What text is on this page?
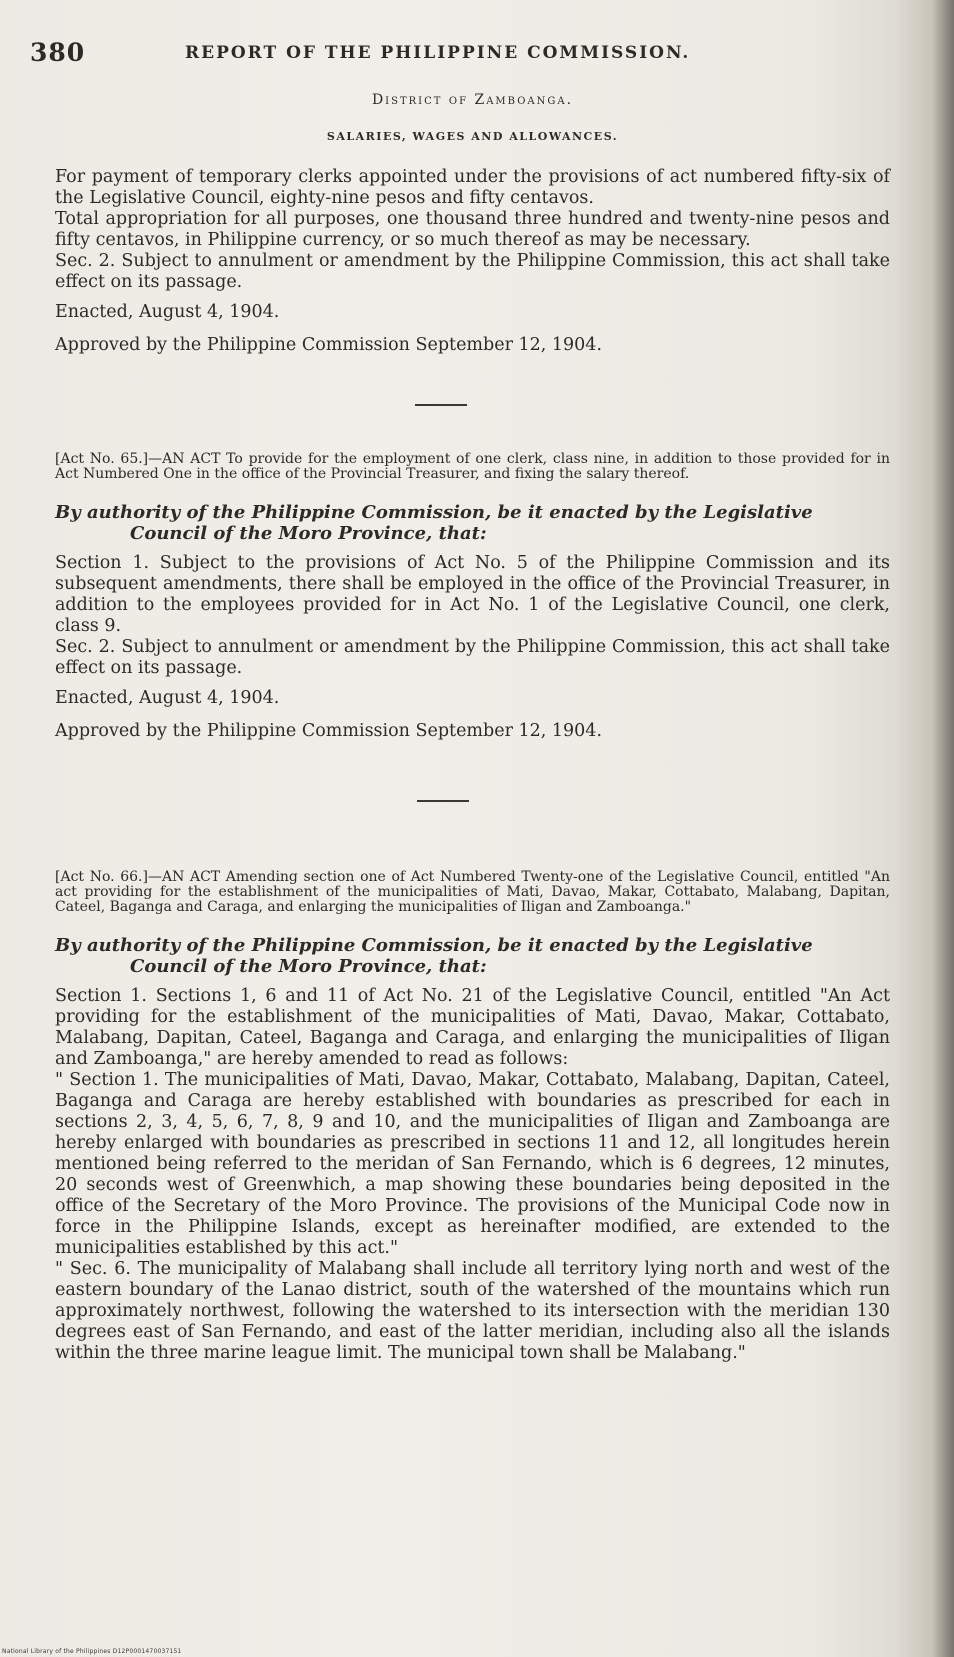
380	REPORT OF THE PHILIPPINE COMMISSION.
District of Zamboanga.
SALARIES, WAGES AND ALLOWANCES.

For payment of temporary clerks appointed under the provisions of act numbered fifty-six of the Legislative Council, eighty-nine pesos and fifty centavos.

Total appropriation for all purposes, one thousand three hundred and twenty-nine pesos and fifty centavos, in Philippine currency, or so much thereof as may be necessary.

Sec. 2. Subject to annulment or amendment by the Philippine Commission, this act shall take effect on its passage.

Enacted, August 4, 1904.

Approved by the Philippine Commission September 12, 1904.

[Act No. 65.]—AN ACT To provide for the employment of one clerk, class nine, in addition to those provided for in Act Numbered One in the office of the Provincial Treasurer, and fixing the salary thereof.
By authority of the Philippine Commission, be it enacted by the Legislative
Council of the Moro Province, that:

Section 1. Subject to the provisions of Act No. 5 of the Philippine Commission and its subsequent amendments, there shall be employed in the office of the Provincial Treasurer, in addition to the employees provided for in Act No. 1 of the Legislative Council, one clerk, class 9.

Sec. 2. Subject to annulment or amendment by the Philippine Commission, this act shall take effect on its passage.

Enacted, August 4, 1904.

Approved by the Philippine Commission September 12, 1904.

[Act No. 66.]—AN ACT Amending section one of Act Numbered Twenty-one of the Legislative Council, entitled "An act providing for the establishment of the municipalities of Mati, Davao, Makar, Cottabato, Malabang, Dapitan, Cateel, Baganga and Caraga, and enlarging the municipalities of Iligan and Zamboanga."
By authority of the Philippine Commission, be it enacted by the Legislative
Council of the Moro Province, that:

Section 1. Sections 1, 6 and 11 of Act No. 21 of the Legislative Council, entitled "An Act providing for the establishment of the municipalities of Mati, Davao, Makar, Cottabato, Malabang, Dapitan, Cateel, Baganga and Caraga, and enlarging the municipalities of Iligan and Zamboanga," are hereby amended to read as follows:

" Section 1. The municipalities of Mati, Davao, Makar, Cottabato, Malabang, Dapitan, Cateel, Baganga and Caraga are hereby established with boundaries as prescribed for each in sections 2, 3, 4, 5, 6, 7, 8, 9 and 10, and the municipalities of Iligan and Zamboanga are hereby enlarged with boundaries as prescribed in sections 11 and 12, all longitudes herein mentioned being referred to the meridan of San Fernando, which is 6 degrees, 12 minutes, 20 seconds west of Greenwhich, a map showing these boundaries being deposited in the office of the Secretary of the Moro Province. The provisions of the Municipal Code now in force in the Philippine Islands, except as hereinafter modified, are extended to the municipalities established by this act."

" Sec. 6. The municipality of Malabang shall include all territory lying north and west of the eastern boundary of the Lanao district, south of the watershed of the mountains which run approximately northwest, following the watershed to its intersection with the meridian 130 degrees east of San Fernando, and east of the latter meridian, including also all the islands within the three marine league limit. The municipal town shall be Malabang."

National Library of the Philippines D12P0001470037151
